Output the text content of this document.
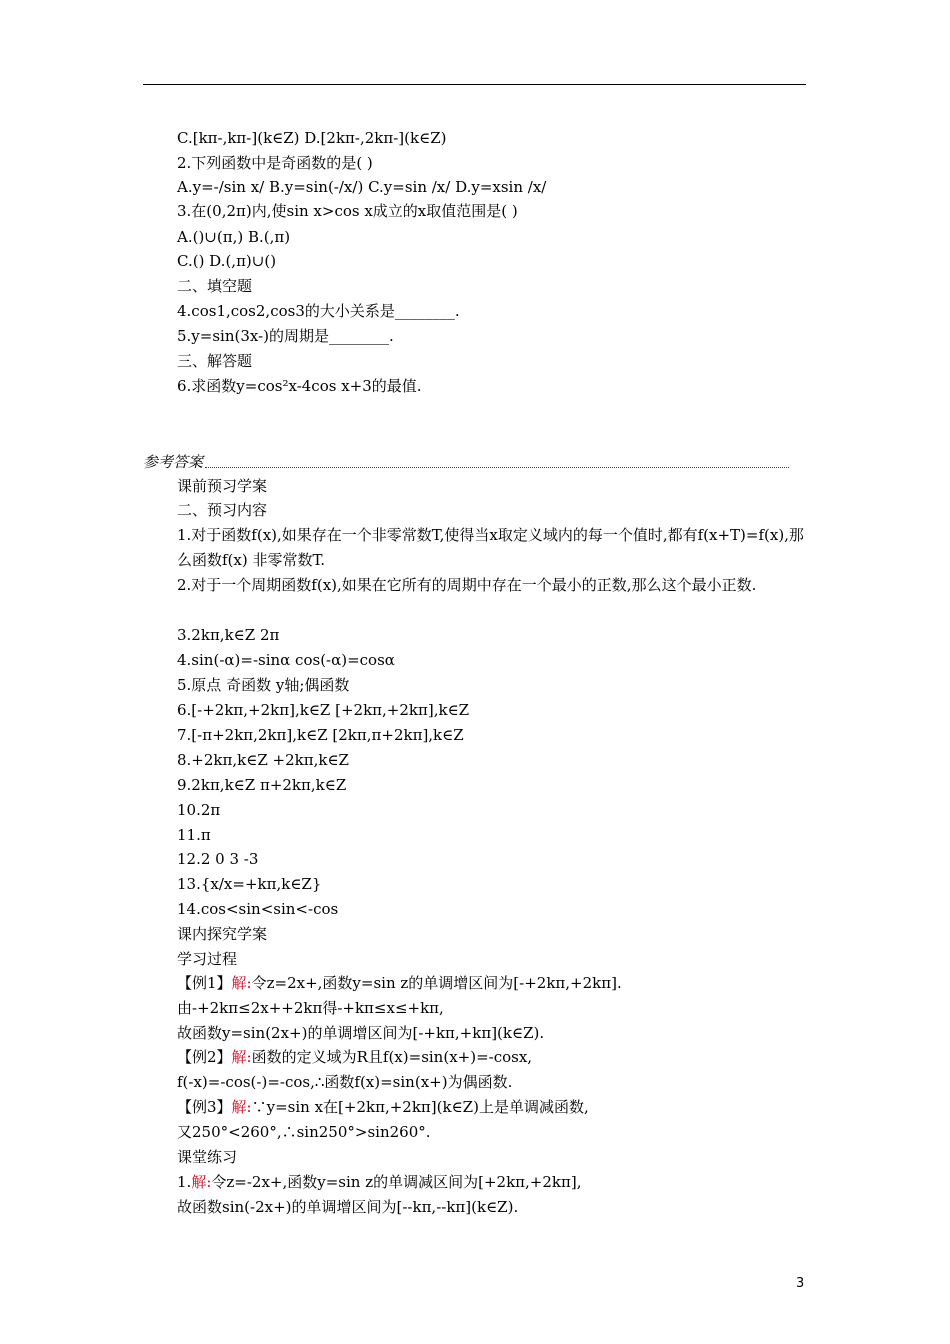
C.[kπ-,kπ-](k∈Z) D.[2kπ-,2kπ-](k∈Z)
2.下列函数中是奇函数的是( )
A.y=-/sin x/ B.y=sin(-/x/) C.y=sin /x/ D.y=xsin /x/
3.在(0,2π)内,使sin x>cos x成立的x取值范围是( )
A.()∪(π,) B.(,π)
C.() D.(,π)∪()
二、填空题
4.cos1,cos2,cos3的大小关系是________.
5.y=sin(3x-)的周期是________.
三、解答题
6.求函数y=cos²x-4cos x+3的最值.
参考答案
课前预习学案
二、预习内容
1.对于函数f(x),如果存在一个非零常数T,使得当x取定义域内的每一个值时,都有f(x+T)=f(x),那么函数f(x) 非零常数T.
2.对于一个周期函数f(x),如果在它所有的周期中存在一个最小的正数,那么这个最小正数.
3.2kπ,k∈Z 2π
4.sin(-α)=-sinα cos(-α)=cosα
5.原点 奇函数 y轴;偶函数
6.[-+2kπ,+2kπ],k∈Z [+2kπ,+2kπ],k∈Z
7.[-π+2kπ,2kπ],k∈Z [2kπ,π+2kπ],k∈Z
8.+2kπ,k∈Z +2kπ,k∈Z
9.2kπ,k∈Z π+2kπ,k∈Z
10.2π
11.π
12.2 0 3 -3
13.{x/x=+kπ,k∈Z}
14.cos<sin<sin<-cos
课内探究学案
学习过程
【例1】解:令z=2x+,函数y=sin z的单调增区间为[-+2kπ,+2kπ].
由-+2kπ≤2x++2kπ得-+kπ≤x≤+kπ,
故函数y=sin(2x+)的单调增区间为[-+kπ,+kπ](k∈Z).
【例2】解:函数的定义域为R且f(x)=sin(x+)=-cosx,
f(-x)=-cos(-)=-cos,∴函数f(x)=sin(x+)为偶函数.
【例3】解:∵y=sin x在[+2kπ,+2kπ](k∈Z)上是单调减函数,
又250°<260°,∴sin250°>sin260°.
课堂练习
1.解:令z=-2x+,函数y=sin z的单调减区间为[+2kπ,+2kπ],
故函数sin(-2x+)的单调增区间为[--kπ,--kπ](k∈Z).
3
